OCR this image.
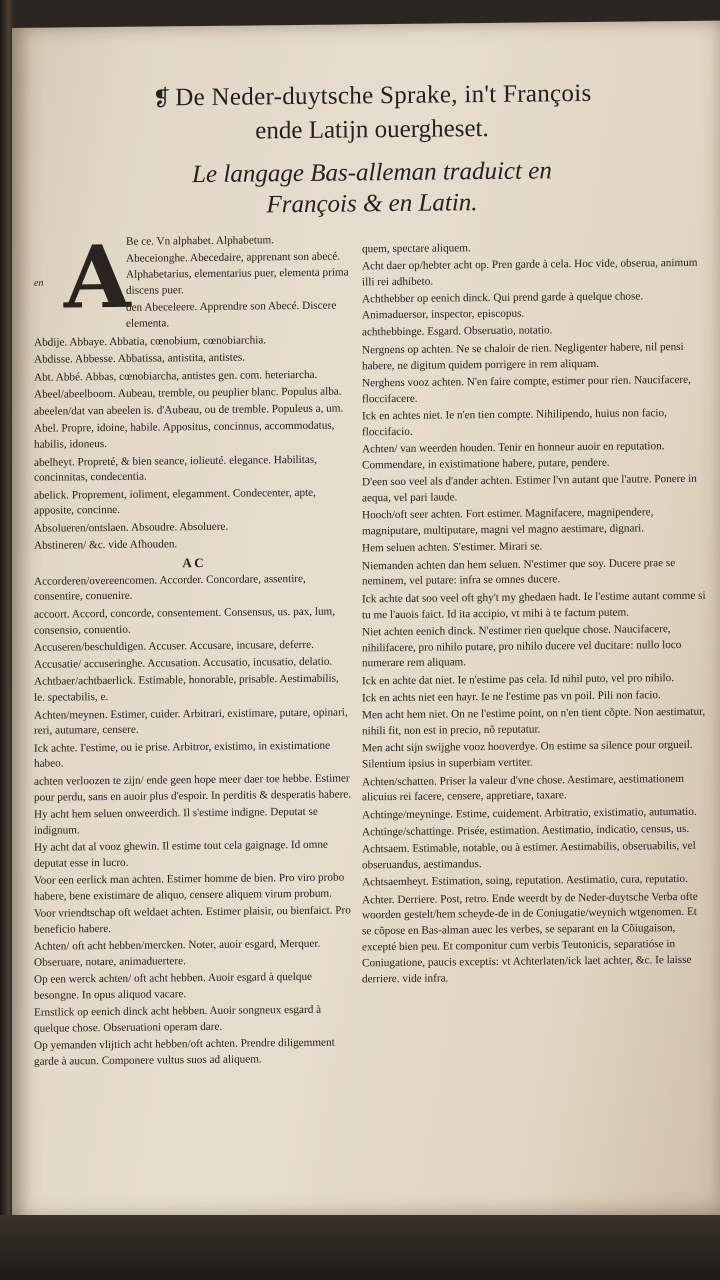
❡ De Neder-duytsche Sprake, in't François
ende Latijn ouergheset.
Le langage Bas-alleman traduict en
François & en Latin.
en A
Be ce. Vn alphabet. Alphabetum.
Abeceionghe. Abecedaire, apprenant son abecé. Alphabetarius, elementarius puer, elementa prima discens puer.
den Abeceleere. Apprendre son Abecé. Discere elementa.
Abdije. Abbaye. Abbatia, cœnobium, cœnobiarchia.
Abdisse. Abbesse. Abbatissa, antistita, antistes.
Abt. Abbé. Abbas, cœnobiarcha, antistes gen. com. heteriarcha.
Abeel/abeelboom. Aubeau, tremble, ou peuplier blanc. Populus alba.
abeelen/dat van abeelen is. d'Aubeau, ou de tremble. Populeus a, um.
Abel. Propre, idoine, habile. Appositus, concinnus, accommodatus, habilis, idoneus.
abelheyt. Propreté, & bien seance, iolieuté. elegance. Habilitas, concinnitas, condecentia.
abelick. Proprement, ioliment, elegamment. Condecenter, apte, apposite, concinne.
Absolueren/ontslaen. Absoudre. Absoluere.
Abstineren/ &c. vide Afhouden.
A C
Accorderen/overeencomen. Accorder. Concordare, assentire, consentire, conuenire.
accoort. Accord, concorde, consentement. Consensus, us. pax, lum, consensio, conuentio.
Accuseren/beschuldigen. Accuser. Accusare, incusare, deferre.
Accusatie/ accuseringhe. Accusation. Accusatio, incusatio, delatio.
Achtbaer/achtbaerlick. Estimable, honorable, prisable. Aestimabilis, le. spectabilis, e.
Achten/meynen. Estimer, cuider. Arbitrari, existimare, putare, opinari, reri, autumare, censere.
Ick achte. I'estime, ou ie prise. Arbitror, existimo, in existimatione habeo.
achten verloozen te zijn/ ende geen hope meer daer toe hebbe. Estimer pour perdu, sans en auoir plus d'espoir. In perditis & desperatis habere.
Hy acht hem seluen onweerdich. Il s'estime indigne. Deputat se indignum.
Hy acht dat al vooz ghewin. Il estime tout cela gaignage. Id omne deputat esse in lucro.
Voor een eerlick man achten. Estimer homme de bien. Pro viro probo habere, bene existimare de aliquo, censere aliquem virum probum.
Voor vriendtschap oft weldaet achten. Estimer plaisir, ou bienfaict. Pro beneficio habere.
Achten/ oft acht hebben/mercken. Noter, auoir esgard, Merquer. Obseruare, notare, animaduertere.
Op een werck achten/ oft acht hebben. Auoir esgard à quelque besongne. In opus aliquod vacare.
Ernstlick op eenich dinck acht hebben. Auoir songneux esgard à quelque chose. Obseruationi operam dare.
Op yemanden vlijtich acht hebben/oft achten. Prendre diligemment garde à aucun. Componere vultus suos ad aliquem.
quem, spectare aliquem.
Acht daer op/hebter acht op. Pren garde à cela. Hoc vide, obserua, animum illi rei adhibeto.
Achthebber op eenich dinck. Qui prend garde à quelque chose. Animaduersor, inspector, episcopus.
achthebbinge. Esgard. Obseruatio, notatio.
Nergnens op achten. Ne se chaloir de rien. Negligenter habere, nil pensi habere, ne digitum quidem porrigere in rem aliquam.
Nerghens vooz achten. N'en faire compte, estimer pour rien. Naucifacere, floccifacere.
Ick en achtes niet. Ie n'en tien compte. Nihilipendo, huius non facio, floccifacio.
Achten/ van weerden houden. Tenir en honneur auoir en reputation. Commendare, in existimatione habere, putare, pendere.
D'een soo veel als d'ander achten. Estimer l'vn autant que l'autre. Ponere in aequa, vel pari laude.
Hooch/oft seer achten. Fort estimer. Magnifacere, magnipendere, magniputare, multiputare, magni vel magno aestimare, dignari.
Hem seluen achten. S'estimer. Mirari se.
Niemanden achten dan hem seluen. N'estimer que soy. Ducere prae se neminem, vel putare: infra se omnes ducere.
Ick achte dat soo veel oft ghy't my ghedaen hadt. Ie l'estime autant comme si tu me l'auois faict. Id ita accipio, vt mihi à te factum putem.
Niet achten eenich dinck. N'estimer rien quelque chose. Naucifacere, nihilifacere, pro nihilo putare, pro nihilo ducere vel ducitare: nullo loco numerare rem aliquam.
Ick en achte dat niet. Ie n'estime pas cela. Id nihil puto, vel pro nihilo.
Ick en achts niet een hayr. Ie ne l'estime pas vn poil. Pili non facio.
Men acht hem niet. On ne l'estime point, on n'en tient cõpte. Non aestimatur, nihili fit, non est in precio, nõ reputatur.
Men acht sijn swijghe vooz hooverdye. On estime sa silence pour orgueil. Silentium ipsius in superbiam vertiter.
Achten/schatten. Priser la valeur d'vne chose. Aestimare, aestimationem alicuius rei facere, censere, appretiare, taxare.
Achtinge/meyninge. Estime, cuidement. Arbitratio, existimatio, autumatio.
Achtinge/schattinge. Prisée, estimation. Aestimatio, indicatio, census, us.
Achtsaem. Estimable, notable, ou à estimer. Aestimabilis, obseruabilis, vel obseruandus, aestimandus.
Achtsaemheyt. Estimation, soing, reputation. Aestimatio, cura, reputatio.
Achter. Derriere. Post, retro. Ende weerdt by de Neder-duytsche Verba ofte woorden gestelt/hem scheyde-de in de Coniugatie/weynich wtgenomen. Et se cõpose en Bas-alman auec les verbes, se separant en la Cõiugaison, excepté bien peu. Et componitur cum verbis Teutonicis, separatióse in Coniugatione, paucis exceptis: vt Achterlaten/ick laet achter, &c. Ie laisse derriere. vide infra.
